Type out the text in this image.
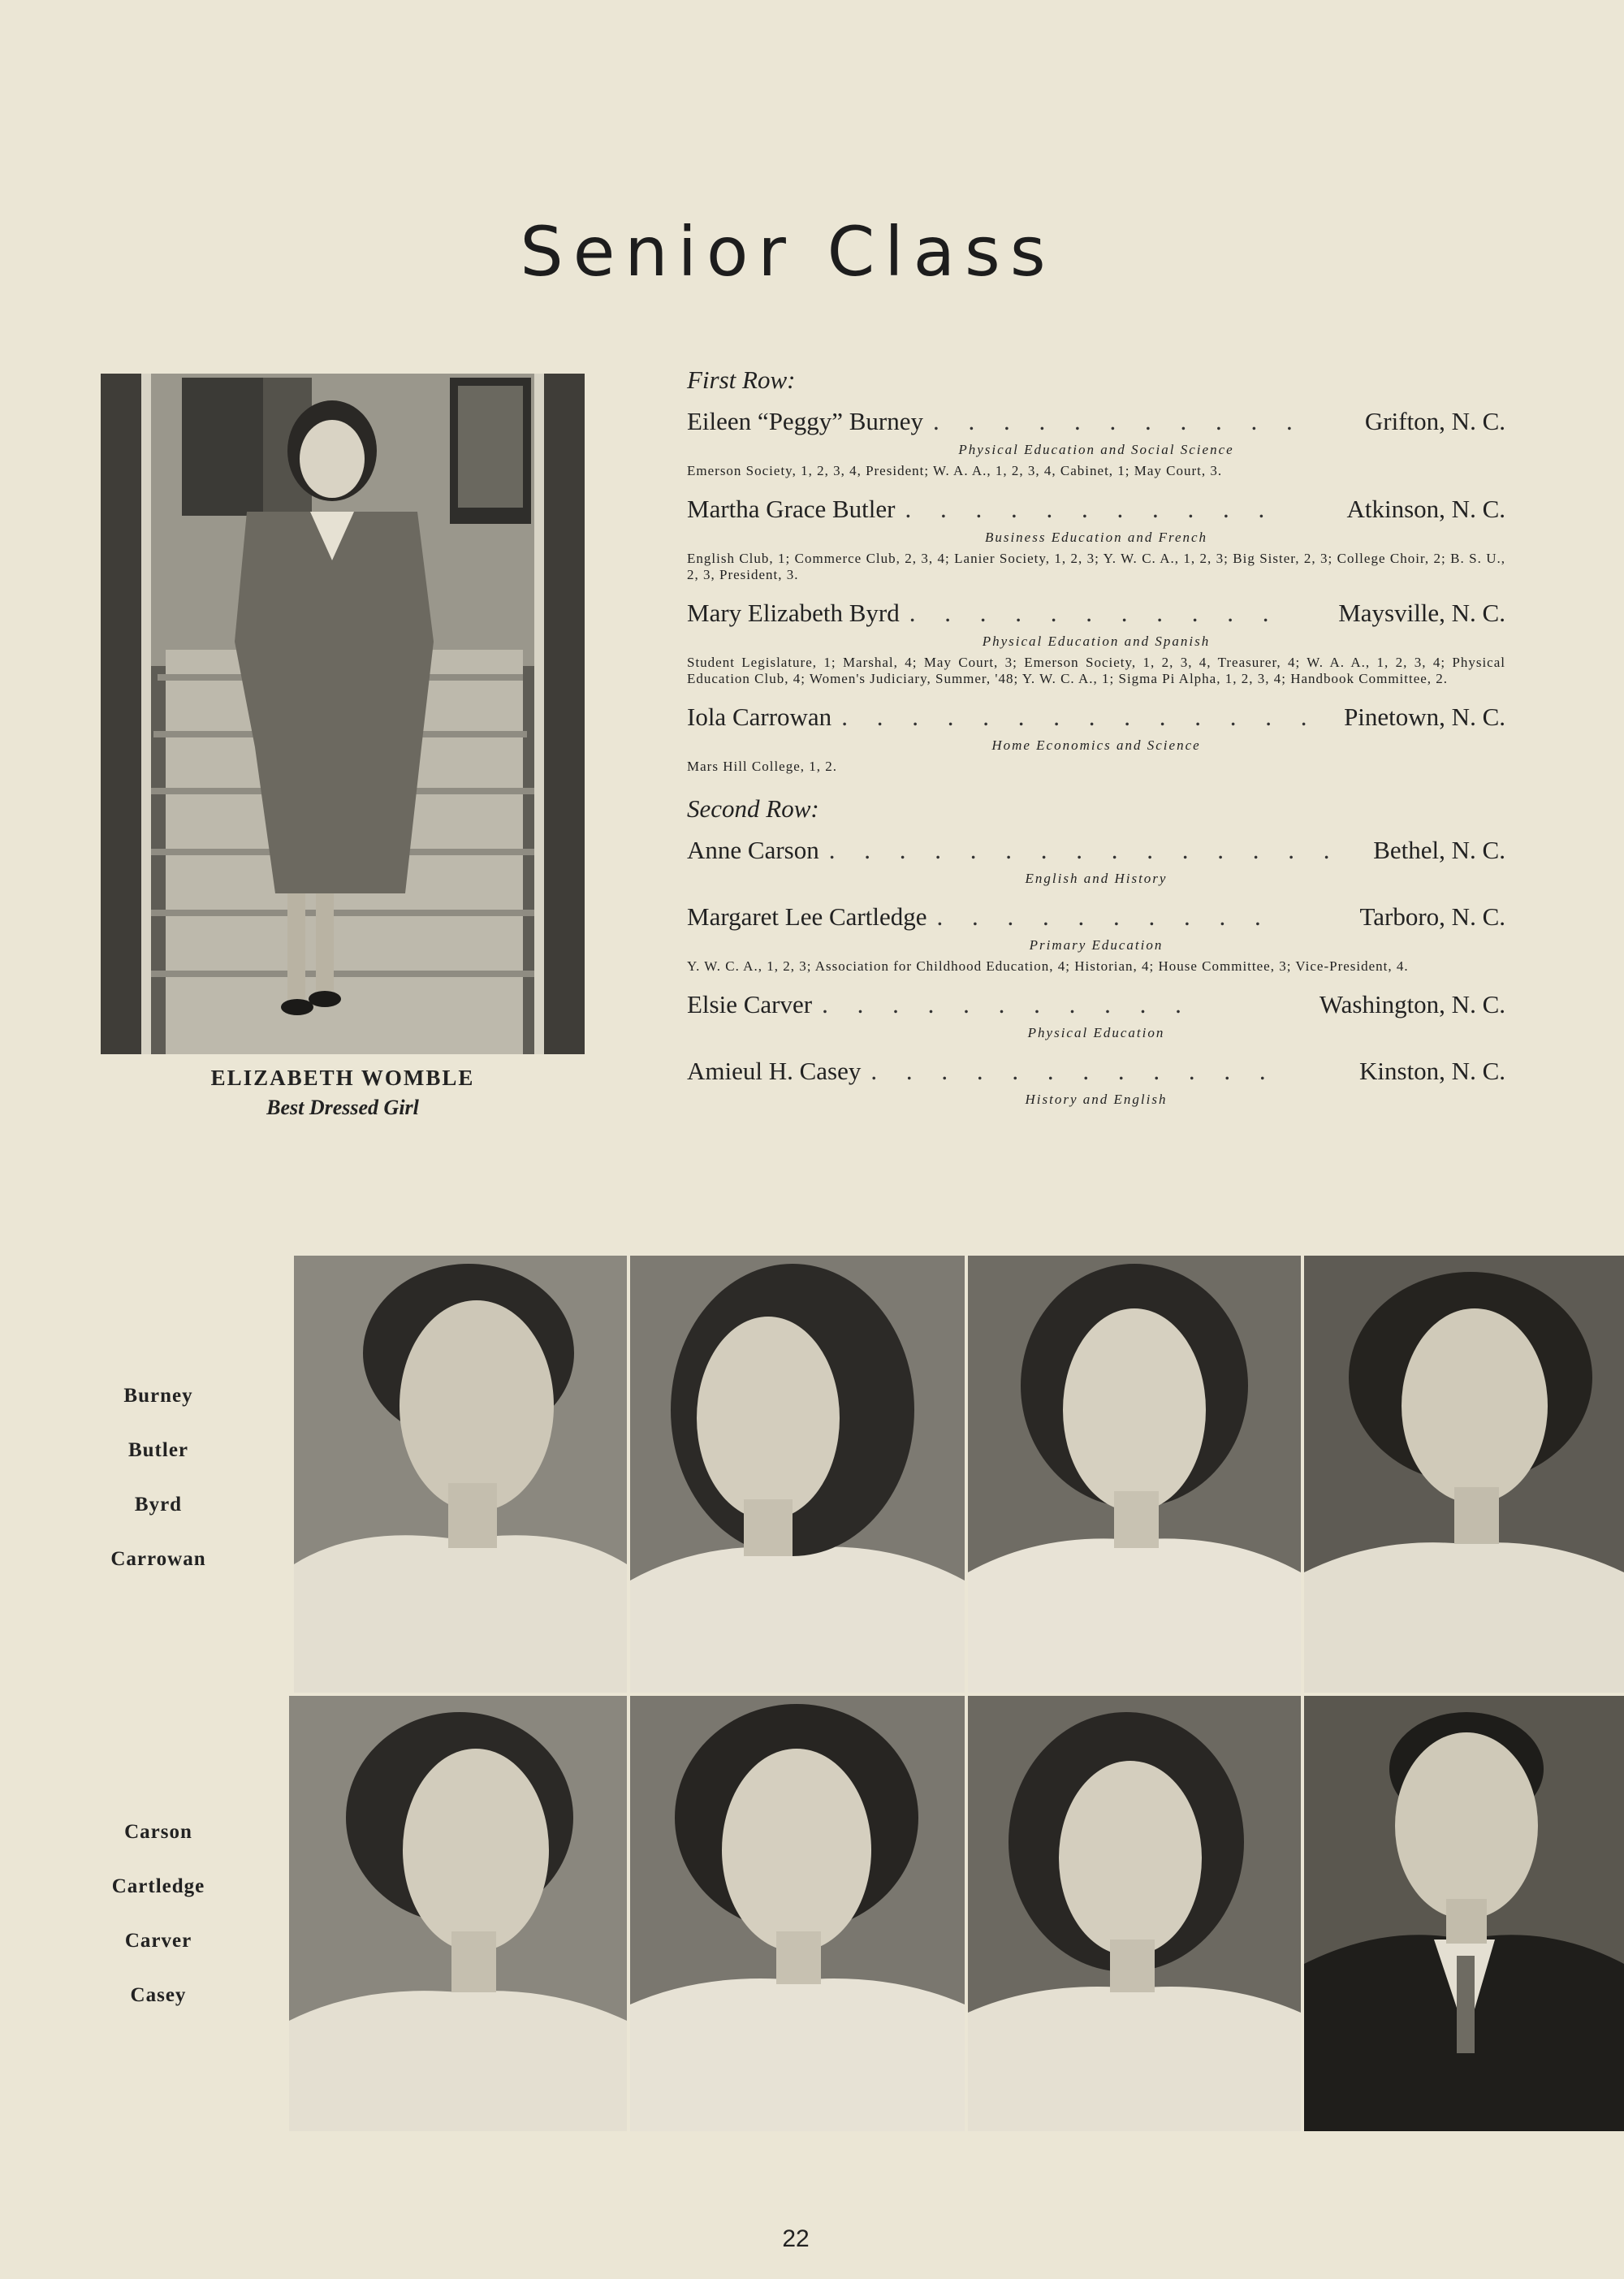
Senior Class
ELIZABETH WOMBLE
Best Dressed Girl
First Row:
Eileen “Peggy” Burney . . . . . . . . . . .	Grifton, N. C.
Physical Education and Social Science
Emerson Society, 1, 2, 3, 4, President; W. A. A., 1, 2, 3, 4, Cabinet, 1; May Court, 3.
Martha Grace Butler . . . . . . . . . . .	Atkinson, N. C.
Business Education and French
English Club, 1; Commerce Club, 2, 3, 4; Lanier Society, 1, 2, 3; Y. W. C. A., 1, 2, 3; Big Sister, 2, 3; College Choir, 2; B. S. U., 2, 3, President, 3.
Mary Elizabeth Byrd . . . . . . . . . . .	Maysville, N. C.
Physical Education and Spanish
Student Legislature, 1; Marshal, 4; May Court, 3; Emerson Society, 1, 2, 3, 4, Treasurer, 4; W. A. A., 1, 2, 3, 4; Physical Education Club, 4; Women's Judiciary, Summer, '48; Y. W. C. A., 1; Sigma Pi Alpha, 1, 2, 3, 4; Handbook Committee, 2.
Iola Carrowan . . . . . . . . . . . . . .	Pinetown, N. C.
Home Economics and Science
Mars Hill College, 1, 2.
Second Row:
Anne Carson . . . . . . . . . . . . . . .	Bethel, N. C.
English and History
Margaret Lee Cartledge . . . . . . . . . .	Tarboro, N. C.
Primary Education
Y. W. C. A., 1, 2, 3; Association for Childhood Education, 4; Historian, 4; House Committee, 3; Vice-President, 4.
Elsie Carver . . . . . . . . . . .	Washington, N. C.
Physical Education
Amieul H. Casey . . . . . . . . . . . .	Kinston, N. C.
History and English
Burney
Butler
Byrd
Carrowan
Carson
Cartledge
Carver
Casey
22
